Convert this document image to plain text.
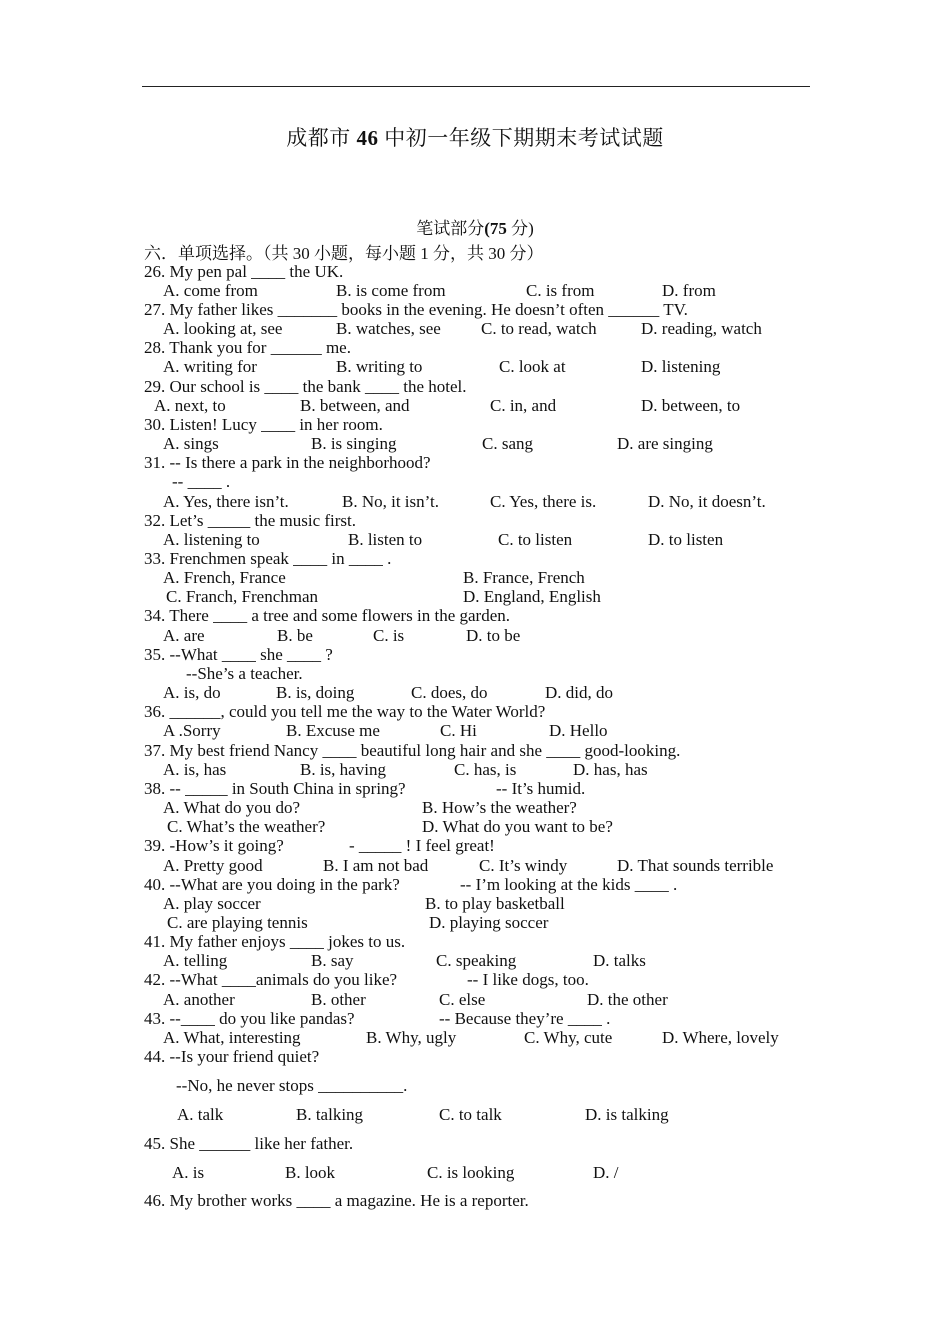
成都市 46 中初一年级下期期末考试试题
笔试部分(75 分)
六．单项选择。（共 30 小题，每小题 1 分，共 30 分）
26. My pen pal ____ the UK.
A. come from	B. is come from	C. is from	D. from
27. My father likes _______ books in the evening. He doesn’t often ______ TV.
A. looking at, see	B. watches, see C. to read, watch	D. reading, watch
28. Thank you for ______ me.
A. writing for	B. writing to	C. look at	D. listening
29. Our school is ____ the bank ____ the hotel.
A. next, to	B. between, and	C. in, and	D. between, to
30. Listen! Lucy ____ in her room.
A. sings	B. is singing	C. sang	D. are singing
31. -- Is there a park in the neighborhood?
-- ____ .
A. Yes, there isn’t.	B. No, it isn’t.	C. Yes, there is.	D. No, it doesn’t.
32. Let’s _____ the music first.
A. listening to	B. listen to	C. to listen	D. to listen
33. Frenchmen speak ____ in ____ .
A. French, France	B. France, French
C. Franch, Frenchman	D. England, English
34. There ____ a tree and some flowers in the garden.
A. are	B. be	C. is	D. to be
35. --What ____ she ____ ?
--She’s a teacher.
A. is, do	B. is, doing	C. does, do	D. did, do
36. ______, could you tell me the way to the Water World?
A .Sorry	B. Excuse me	C. Hi	D. Hello
37. My best friend Nancy ____ beautiful long hair and she ____ good-looking.
A. is, has	B. is, having	C. has, is	D. has, has
38. -- _____ in South China in spring?	-- It’s humid.
A. What do you do?	B. How’s the weather?
C. What’s the weather?	D. What do you want to be?
39. -How’s it going?	- _____ ! I feel great!
A. Pretty good	B. I am not bad	C. It’s windy	D. That sounds terrible
40. --What are you doing in the park?	-- I’m looking at the kids ____ .
A. play soccer	B. to play basketball
C. are playing tennis	D. playing soccer
41. My father enjoys ____ jokes to us.
A. telling	B. say	C. speaking	D. talks
42. --What ____animals do you like?	-- I like dogs, too.
A. another	B. other	C. else	D. the other
43. --____ do you like pandas?	-- Because they’re ____ .
A. What, interesting	B. Why, ugly	C. Why, cute	D. Where, lovely
44. --Is your friend quiet?
--No, he never stops __________.
A. talk	B. talking	C. to talk	D. is talking
45. She ______ like her father.
A. is	B. look	C. is looking	D. /
46. My brother works ____ a magazine. He is a reporter.
